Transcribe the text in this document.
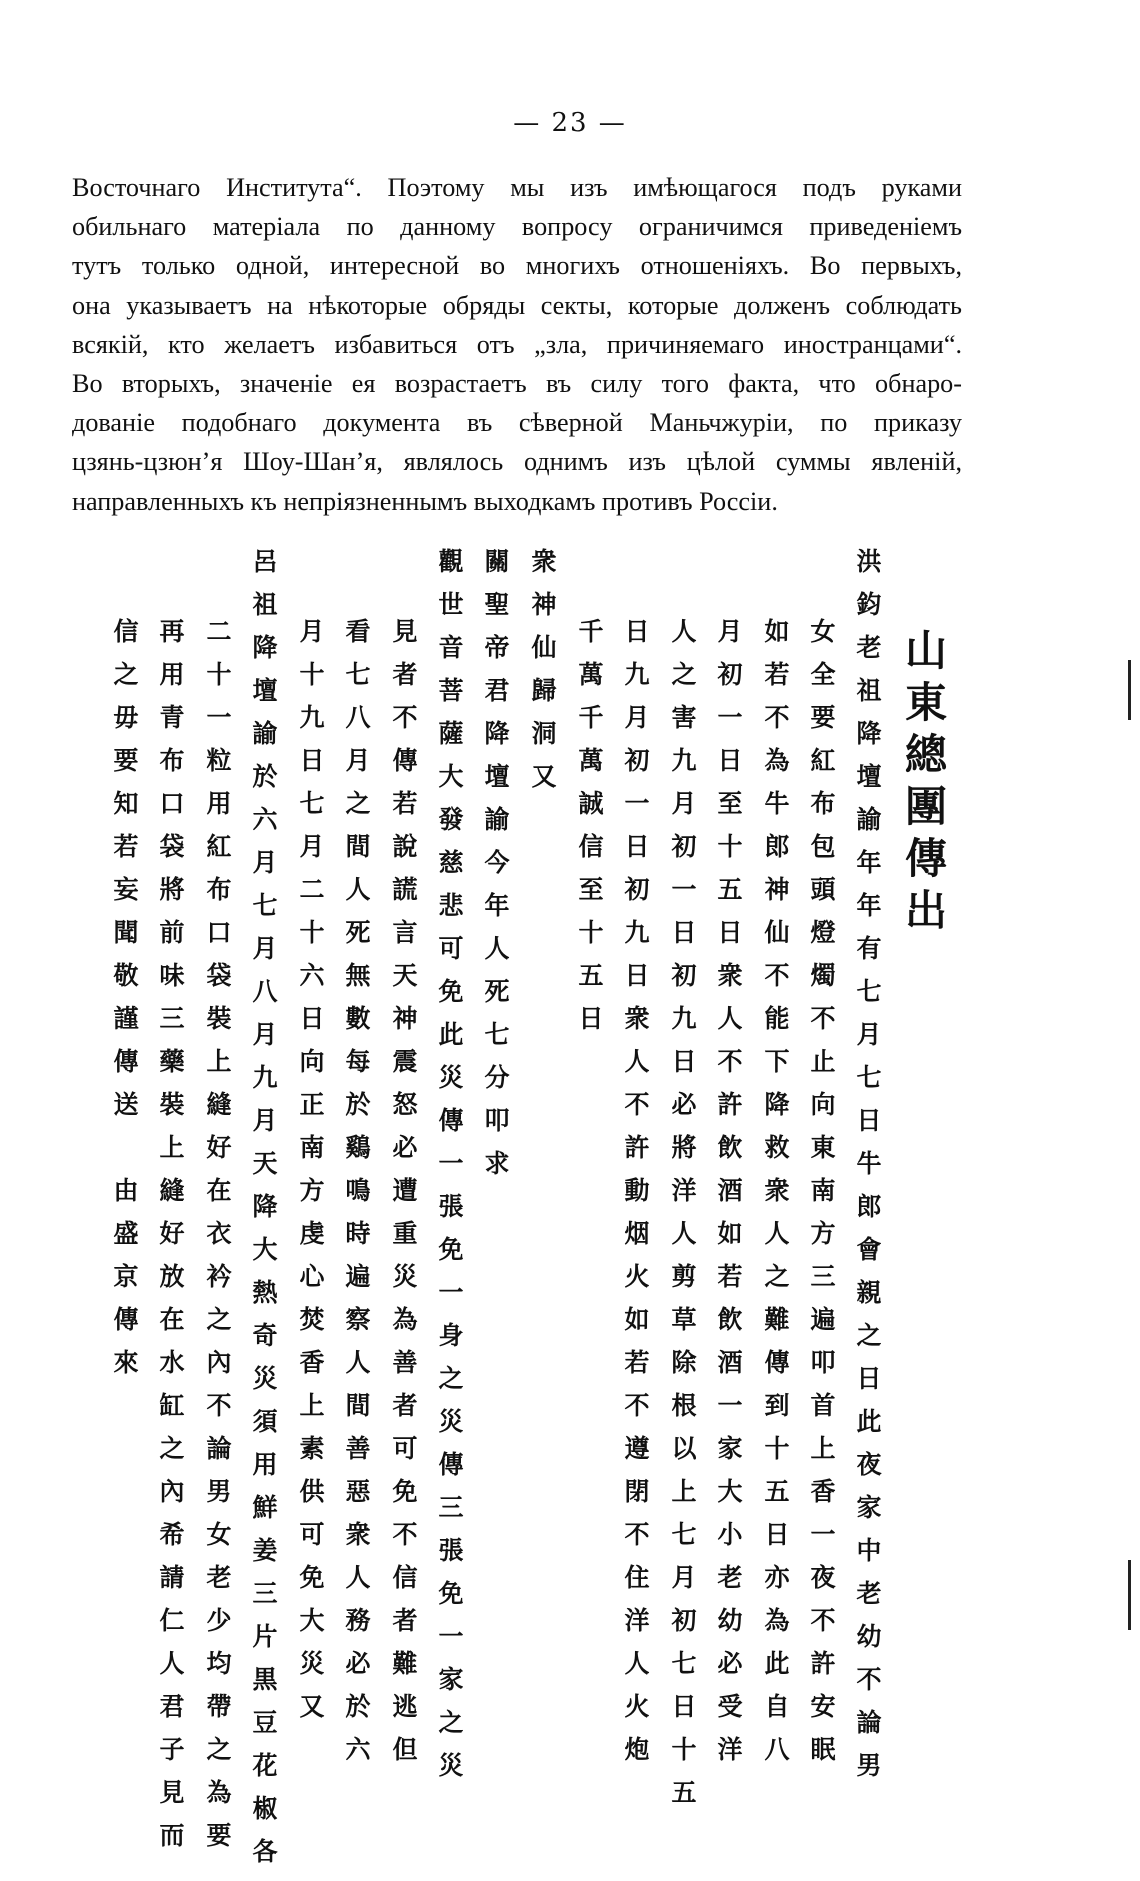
— 23 —
Восточнаго Института“. Поэтому мы изъ имѣющагося подъ руками
обильнаго матеріала по данному вопросу ограничимся приведеніемъ
тутъ только одной, интересной во многихъ отношеніяхъ. Во первыхъ,
она указываетъ на нѣкоторые обряды секты, которые долженъ соблюдать
всякій, кто желаетъ избавиться отъ „зла, причиняемаго иностранцами“.
Во вторыхъ, значеніе ея возрастаетъ въ силу того факта, что обнаро-
дованіе подобнаго документа въ сѣверной Маньчжуріи, по приказу
цзянь-цзюн’я Шоу-Шан’я, являлось однимъ изъ цѣлой суммы явленій,
направленныхъ къ непріязненнымъ выходкамъ противъ Россіи.
山東總團傳出
洪鈞老祖降壇諭年年有七月七日牛郎會親之日此夜家中老幼不論男
女全要紅布包頭燈燭不止向東南方三遍叩首上香一夜不許安眠
如若不為牛郎神仙不能下降救衆人之難傳到十五日亦為此自八
月初一日至十五日衆人不許飲酒如若飲酒一家大小老幼必受洋
人之害九月初一日初九日必將洋人剪草除根以上七月初七日十五
日九月初一日初九日衆人不許動烟火如若不遵閉不住洋人火炮
千萬千萬誠信至十五日
衆神仙歸洞又
關聖帝君降壇諭今年人死七分叩求
觀世音菩薩大發慈悲可免此災傳一張免一身之災傳三張免一家之災
見者不傳若說謊言天神震怒必遭重災為善者可免不信者難逃但
看七八月之間人死無數每於鷄鳴時遍察人間善惡衆人務必於六
月十九日七月二十六日向正南方虔心焚香上素供可免大災又
呂祖降壇諭於六月七月八月九月天降大熱奇災須用鮮姜三片黒豆花椒各
二十一粒用紅布口袋裝上縫好在衣衿之內不論男女老少均帶之為要
再用青布口袋將前味三藥裝上縫好放在水缸之內希請仁人君子見而
信之毋要知若妄聞敬謹傳送　由盛京傳來
